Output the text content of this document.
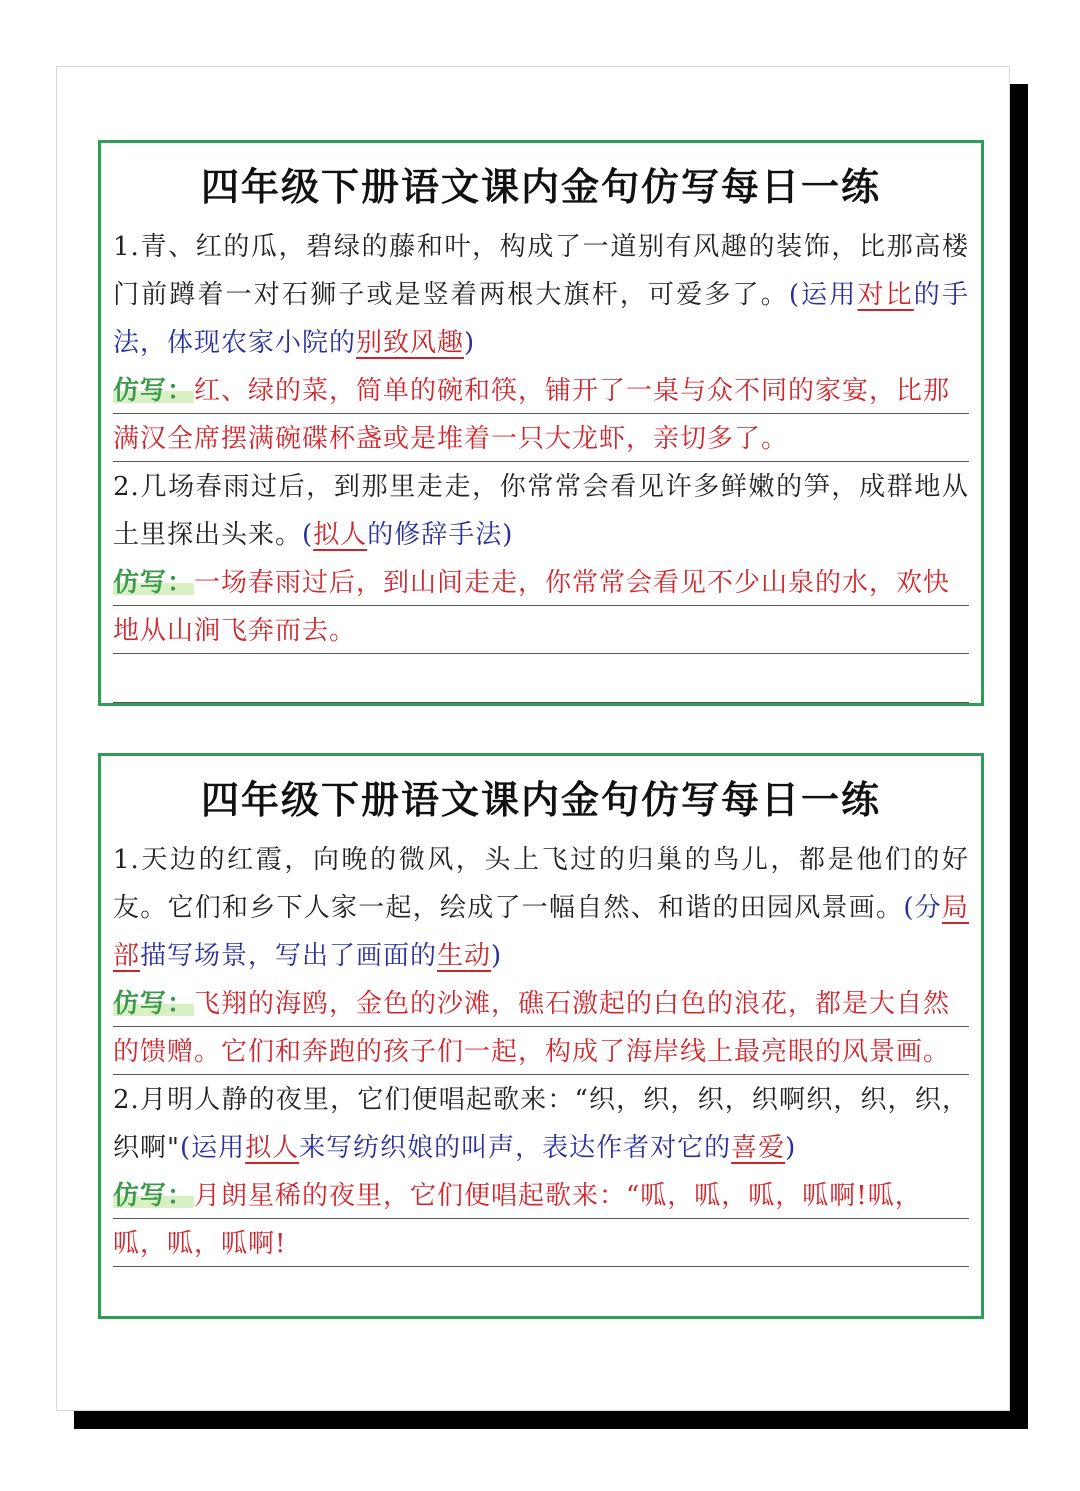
四年级下册语文课内金句仿写每日一练

1.青、红的瓜，碧绿的藤和叶，构成了一道别有风趣的装饰，比那高楼门前蹲着一对石狮子或是竖着两根大旗杆，可爱多了。(运用对比的手法，体现农家小院的别致风趣)

仿写：红、绿的菜，简单的碗和筷，铺开了一桌与众不同的家宴，比那满汉全席摆满碗碟杯盏或是堆着一只大龙虾，亲切多了。

2.几场春雨过后，到那里走走，你常常会看见许多鲜嫩的笋，成群地从土里探出头来。(拟人的修辞手法)

仿写：一场春雨过后，到山间走走，你常常会看见不少山泉的水，欢快地从山涧飞奔而去。

四年级下册语文课内金句仿写每日一练

1.天边的红霞，向晚的微风，头上飞过的归巢的鸟儿，都是他们的好友。它们和乡下人家一起，绘成了一幅自然、和谐的田园风景画。(分局部描写场景，写出了画面的生动)

仿写：飞翔的海鸥，金色的沙滩，礁石激起的白色的浪花，都是大自然的馈赠。它们和奔跑的孩子们一起，构成了海岸线上最亮眼的风景画。

2.月明人静的夜里，它们便唱起歌来：“织，织，织，织啊织，织，织，织啊"(运用拟人来写纺织娘的叫声，表达作者对它的喜爱)

仿写：月朗星稀的夜里，它们便唱起歌来：“呱，呱，呱，呱啊!呱，呱，呱，呱啊!
